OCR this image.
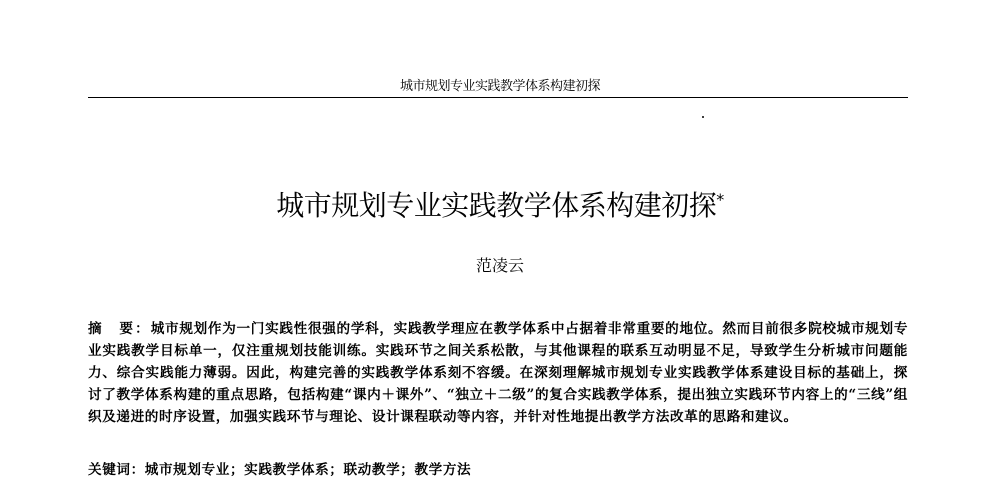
城市规划专业实践教学体系构建初探
城市规划专业实践教学体系构建初探*
范凌云
摘　要：城市规划作为一门实践性很强的学科，实践教学理应在教学体系中占据着非常重要的地位。然而目前很多院校城市规划专业实践教学目标单一，仅注重规划技能训练。实践环节之间关系松散，与其他课程的联系互动明显不足，导致学生分析城市问题能力、综合实践能力薄弱。因此，构建完善的实践教学体系刻不容缓。在深刻理解城市规划专业实践教学体系建设目标的基础上，探讨了教学体系构建的重点思路，包括构建“课内＋课外”、“独立＋二级”的复合实践教学体系，提出独立实践环节内容上的“三线”组织及递进的时序设置，加强实践环节与理论、设计课程联动等内容，并针对性地提出教学方法改革的思路和建议。
关键词：城市规划专业；实践教学体系；联动教学；教学方法
